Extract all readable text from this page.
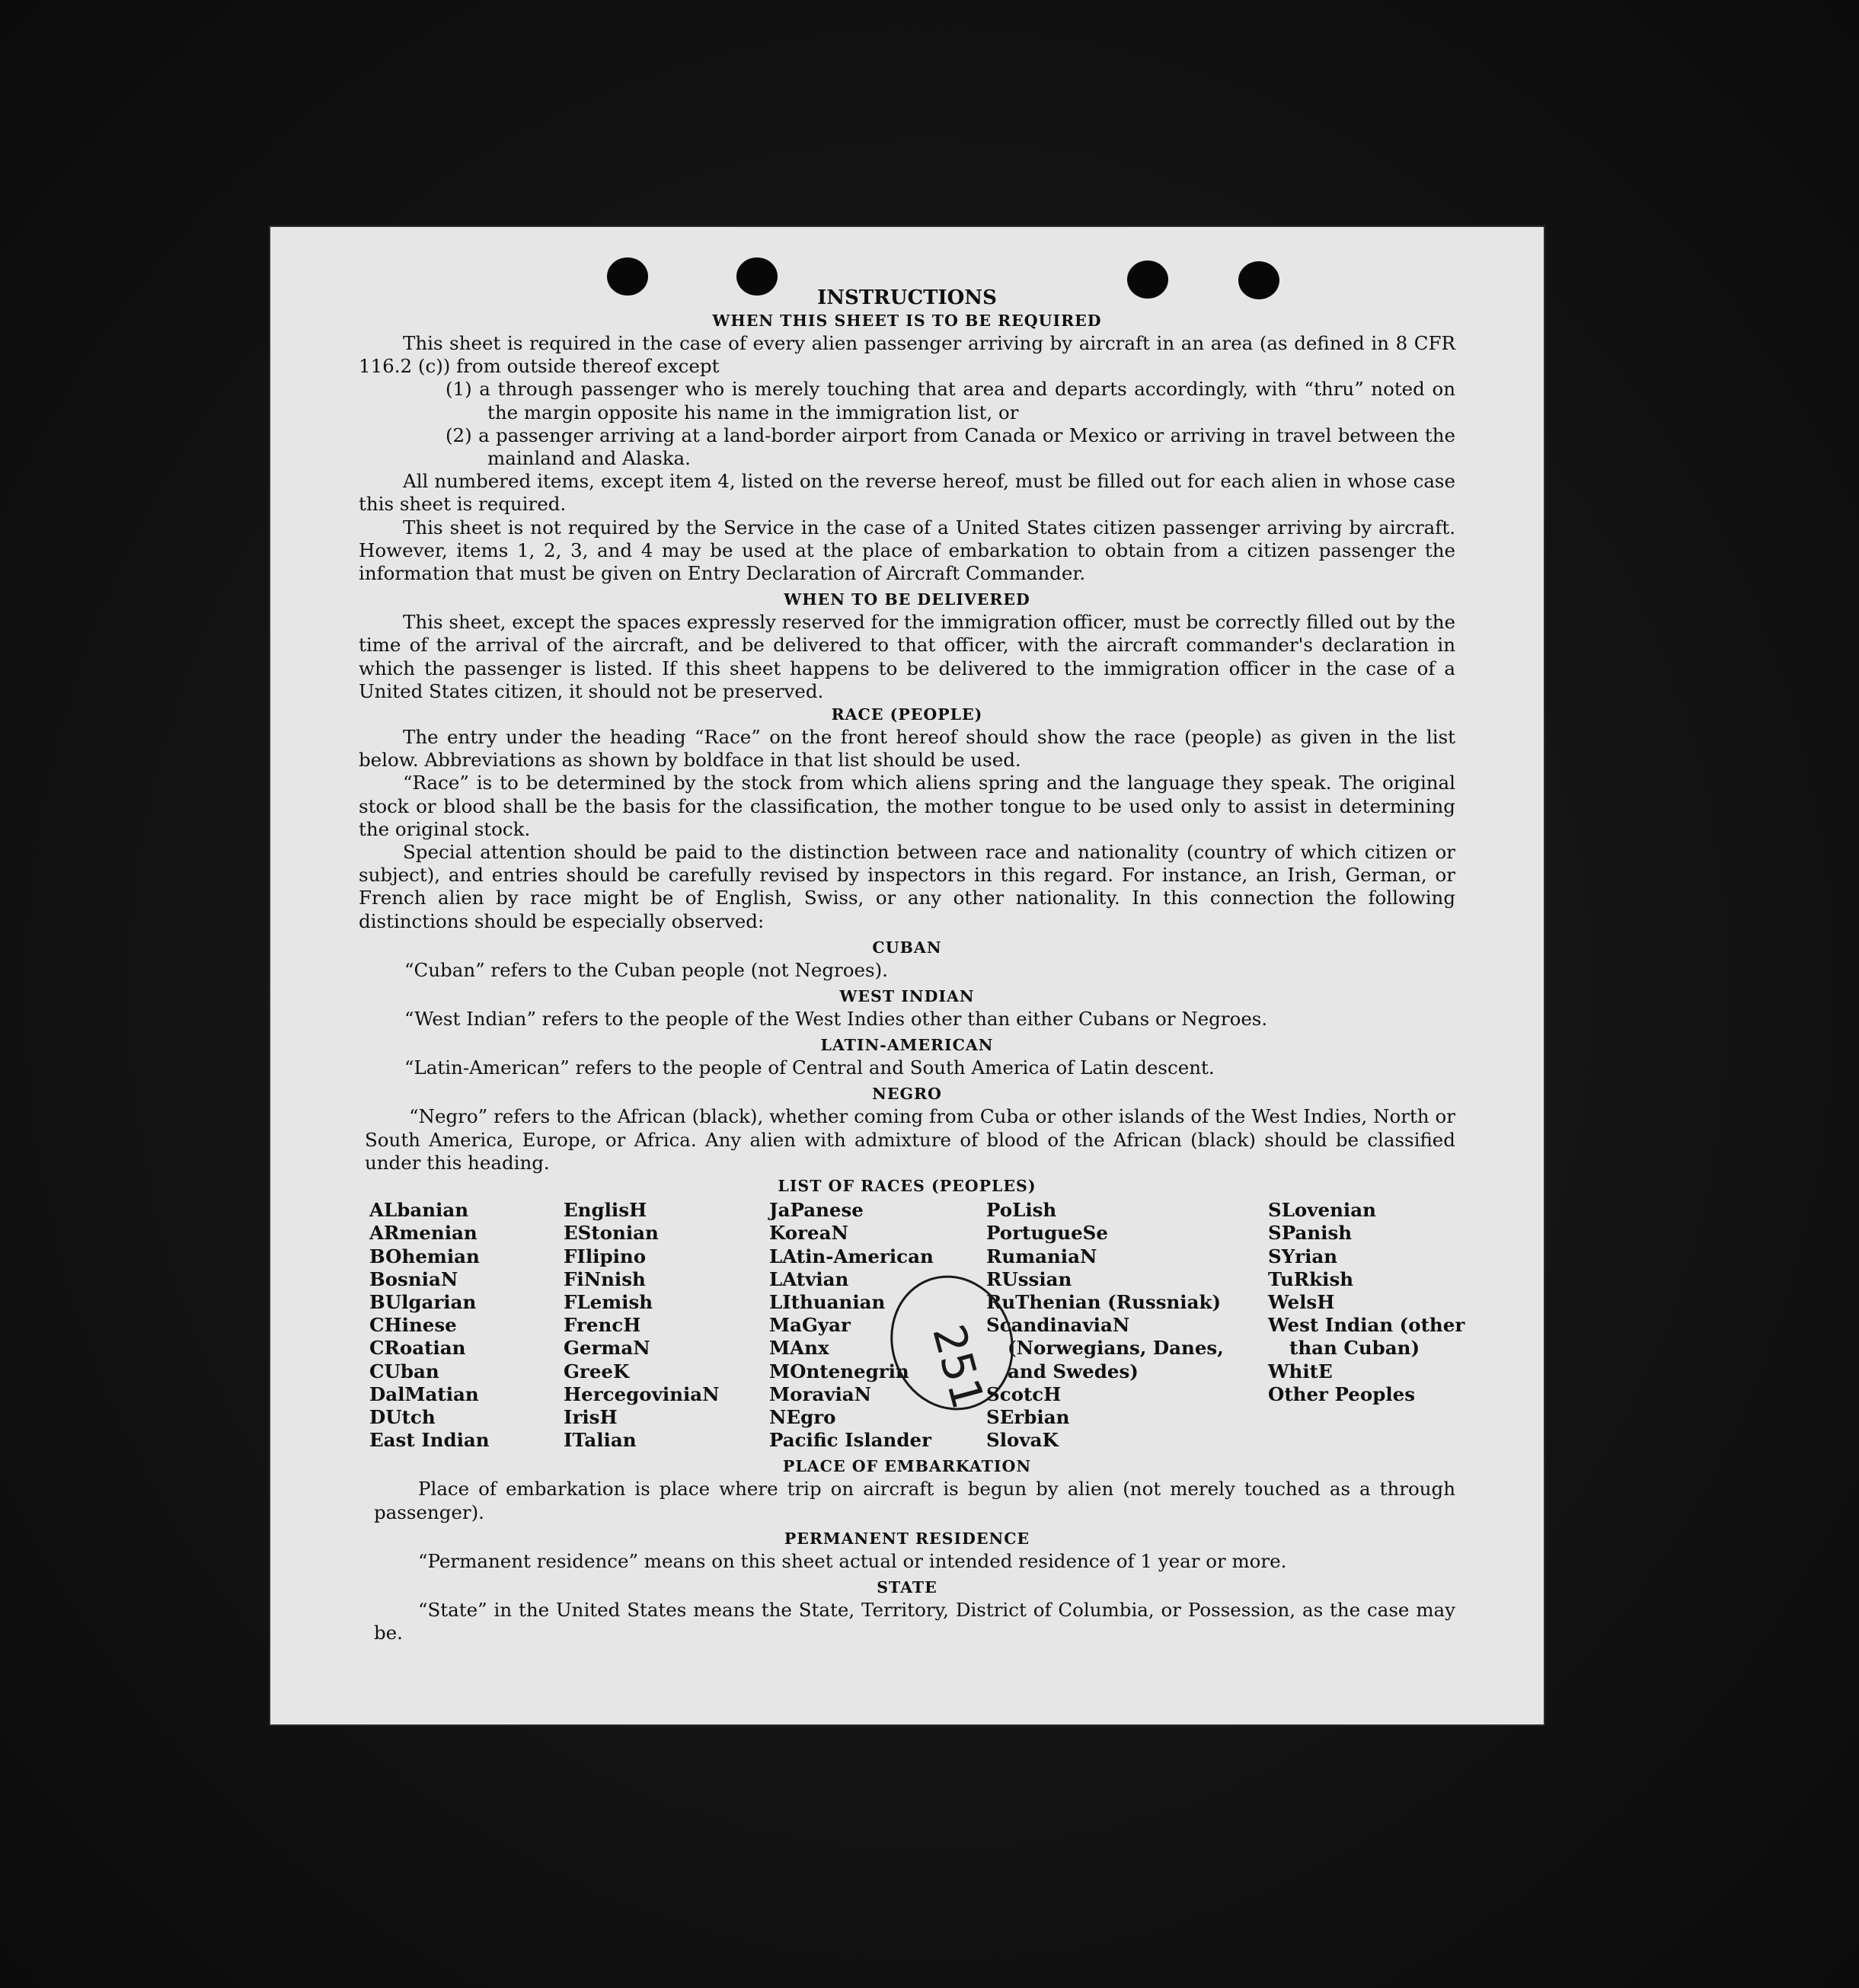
INSTRUCTIONS
WHEN THIS SHEET IS TO BE REQUIRED

This sheet is required in the case of every alien passenger arriving by aircraft in an area (as defined in 8 CFR 116.2 (c)) from outside thereof except

(1) a through passenger who is merely touching that area and departs accordingly, with “thru” noted on the margin opposite his name in the immigration list, or
(2) a passenger arriving at a land-border airport from Canada or Mexico or arriving in travel between the mainland and Alaska.

All numbered items, except item 4, listed on the reverse hereof, must be filled out for each alien in whose case this sheet is required.

This sheet is not required by the Service in the case of a United States citizen passenger arriving by aircraft. However, items 1, 2, 3, and 4 may be used at the place of embarkation to obtain from a citizen passenger the information that must be given on Entry Declaration of Aircraft Commander.

WHEN TO BE DELIVERED

This sheet, except the spaces expressly reserved for the immigration officer, must be correctly filled out by the time of the arrival of the aircraft, and be delivered to that officer, with the aircraft commander's declaration in which the passenger is listed. If this sheet happens to be delivered to the immigration officer in the case of a United States citizen, it should not be preserved.

RACE (PEOPLE)

The entry under the heading “Race” on the front hereof should show the race (people) as given in the list below. Abbreviations as shown by boldface in that list should be used.

“Race” is to be determined by the stock from which aliens spring and the language they speak. The original stock or blood shall be the basis for the classification, the mother tongue to be used only to assist in determining the original stock.

Special attention should be paid to the distinction between race and nationality (country of which citizen or subject), and entries should be carefully revised by inspectors in this regard. For instance, an Irish, German, or French alien by race might be of English, Swiss, or any other nationality. In this connection the following distinctions should be especially observed:

CUBAN

“Cuban” refers to the Cuban people (not Negroes).

WEST INDIAN

“West Indian” refers to the people of the West Indies other than either Cubans or Negroes.

LATIN-AMERICAN

“Latin-American” refers to the people of Central and South America of Latin descent.

NEGRO

“Negro” refers to the African (black), whether coming from Cuba or other islands of the West Indies, North or South America, Europe, or Africa. Any alien with admixture of blood of the African (black) should be classified under this heading.

LIST OF RACES (PEOPLES)
ALbanian
ARmenian
BOhemian
BosniaN
BUlgarian
CHinese
CRoatian
CUban
DalMatian
DUtch
East Indian
EnglisH
EStonian
FIlipino
FiNnish
FLemish
FrencH
GermaN
GreeK
HercegoviniaN
IrisH
ITalian
JaPanese
KoreaN
LAtin-American
LAtvian
LIthuanian
MaGyar
MAnx
MOntenegrin
MoraviaN
NEgro
Pacific Islander
PoLish
PortugueSe
RumaniaN
RUssian
RuThenian (Russniak)
ScandinaviaN (Norwegians, Danes, and Swedes)
ScotcH
SErbian
SlovaK
SLovenian
SPanish
SYrian
TuRkish
WelsH
West Indian (other than Cuban)
WhitE
Other Peoples
PLACE OF EMBARKATION

Place of embarkation is place where trip on aircraft is begun by alien (not merely touched as a through passenger).

PERMANENT RESIDENCE

“Permanent residence” means on this sheet actual or intended residence of 1 year or more.

STATE

“State” in the United States means the State, Territory, District of Columbia, or Possession, as the case may be.

251
